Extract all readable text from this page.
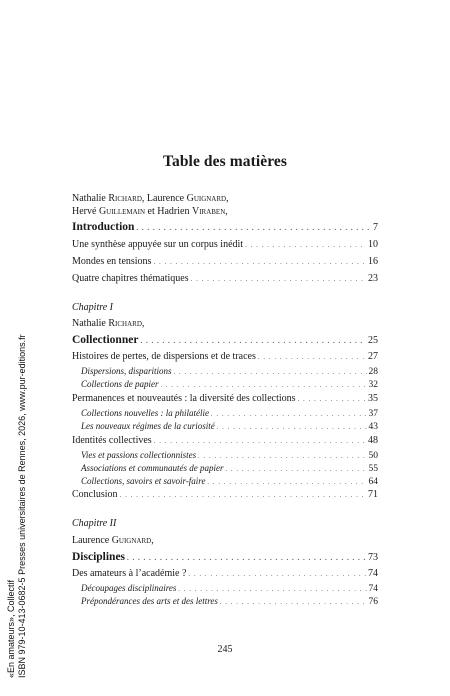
Table des matières
Nathalie Richard, Laurence Guignard,
Hervé Guillemain et Hadrien Viraben,
Introduction . . .	7
Une synthèse appuyée sur un corpus inédit . . .	10
Mondes en tensions . . .	16
Quatre chapitres thématiques . . .	23
Chapitre I
Nathalie Richard,
Collectionner . . .	25
Histoires de pertes, de dispersions et de traces . . .	27
Dispersions, disparitions . . .	28
Collections de papier . . .	32
Permanences et nouveautés : la diversité des collections . . .	35
Collections nouvelles : la philatélie . . .	37
Les nouveaux régimes de la curiosité . . .	43
Identités collectives . . .	48
Vies et passions collectionnistes . . .	50
Associations et communautés de papier . . .	55
Collections, savoirs et savoir-faire . . .	64
Conclusion . . .	71
Chapitre II
Laurence Guignard,
Disciplines . . .	73
Des amateurs à l’académie ? . . .	74
Découpages disciplinaires . . .	74
Prépondérances des arts et des lettres . . .	76
245
«En amateurs», Collectif ISBN 979-10-413-0682-5 Presses universitaires de Rennes, 2026, www.pur-editions.fr
